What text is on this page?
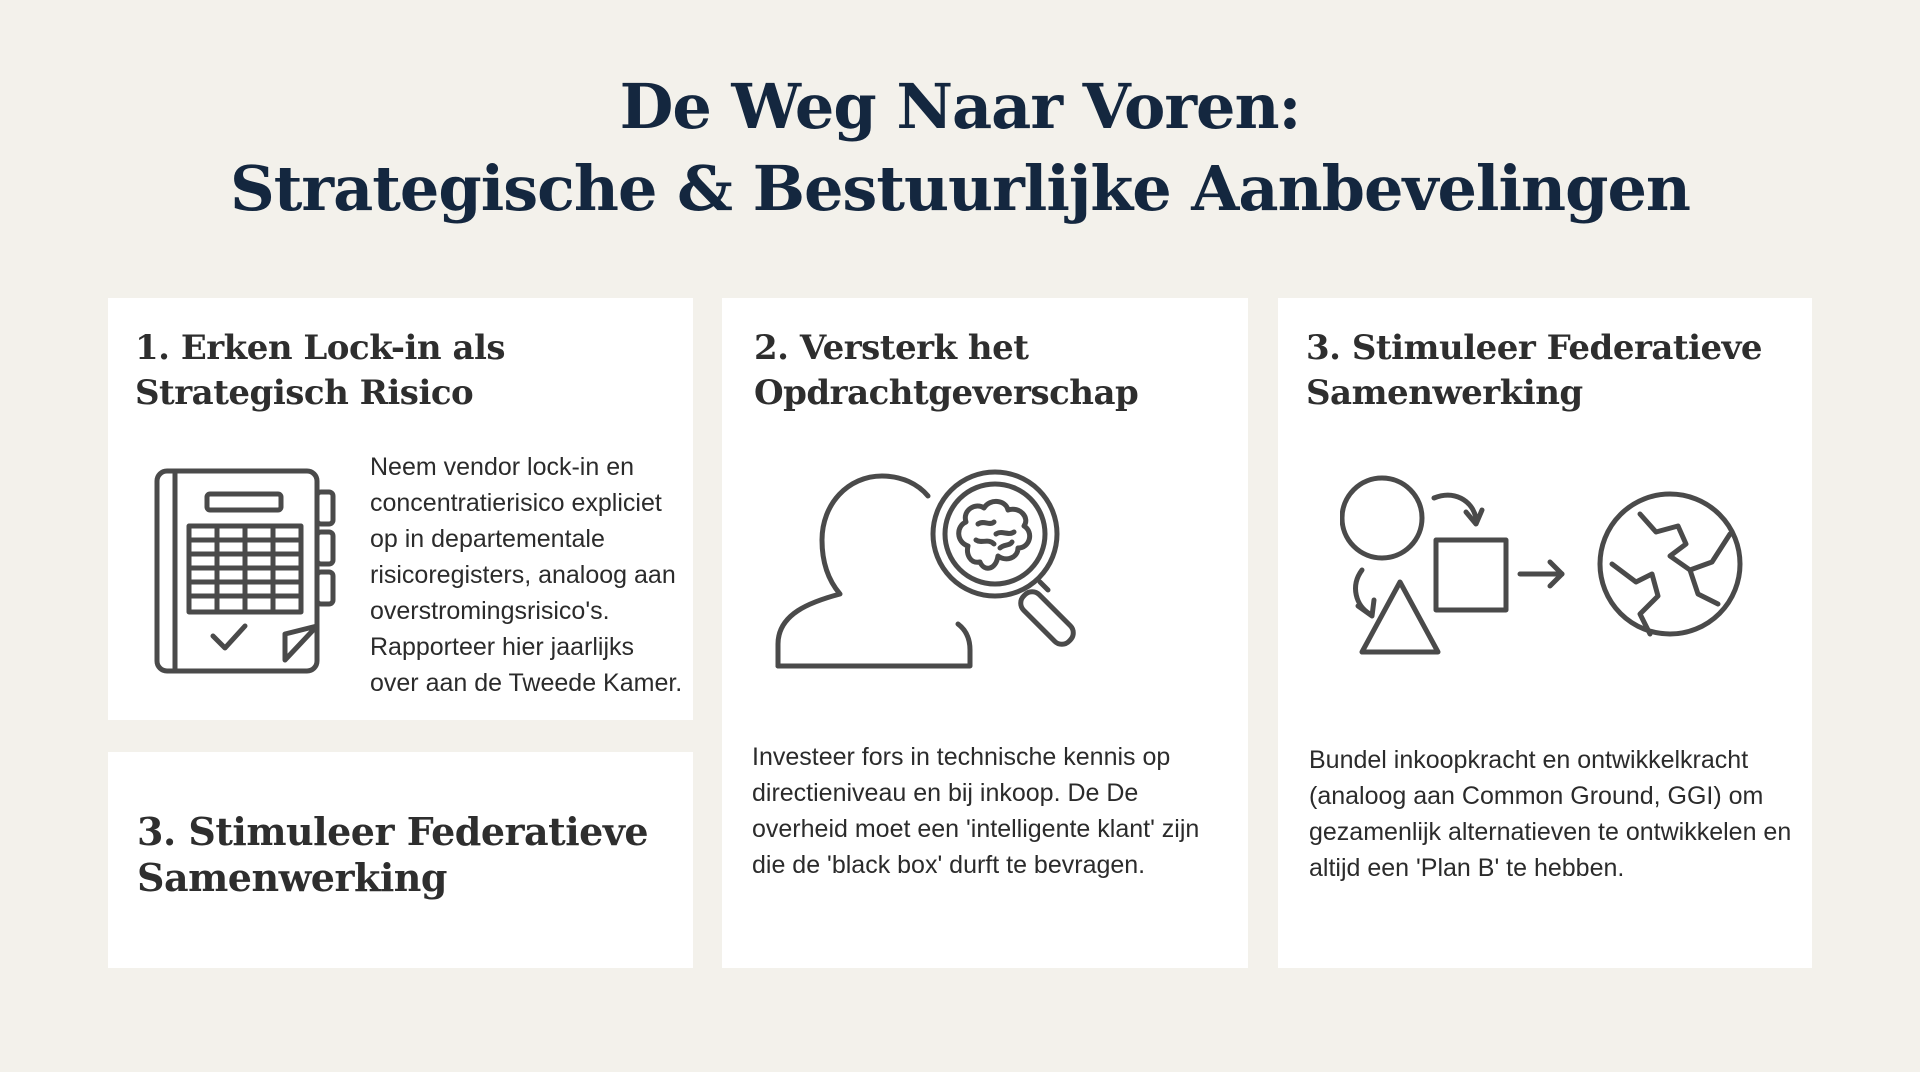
De Weg Naar Voren:
Strategische & Bestuurlijke Aanbevelingen
1. Erken Lock-in als
Strategisch Risico

Neem vendor lock-in en concentratierisico expliciet op in departementale risicoregisters, analoog aan overstromingsrisico's. Rapporteer hier jaarlijks over aan de Tweede Kamer.

3. Stimuleer Federatieve
Samenwerking
2. Versterk het
Opdrachtgeverschap

Investeer fors in technische kennis op directieniveau en bij inkoop. De De overheid moet een 'intelligente klant' zijn die de 'black box' durft te bevragen.

3. Stimuleer Federatieve
Samenwerking

Bundel inkoopkracht en ontwikkelkracht (analoog aan Common Ground, GGI) om gezamenlijk alternatieven te ontwikkelen en altijd een 'Plan B' te hebben.
